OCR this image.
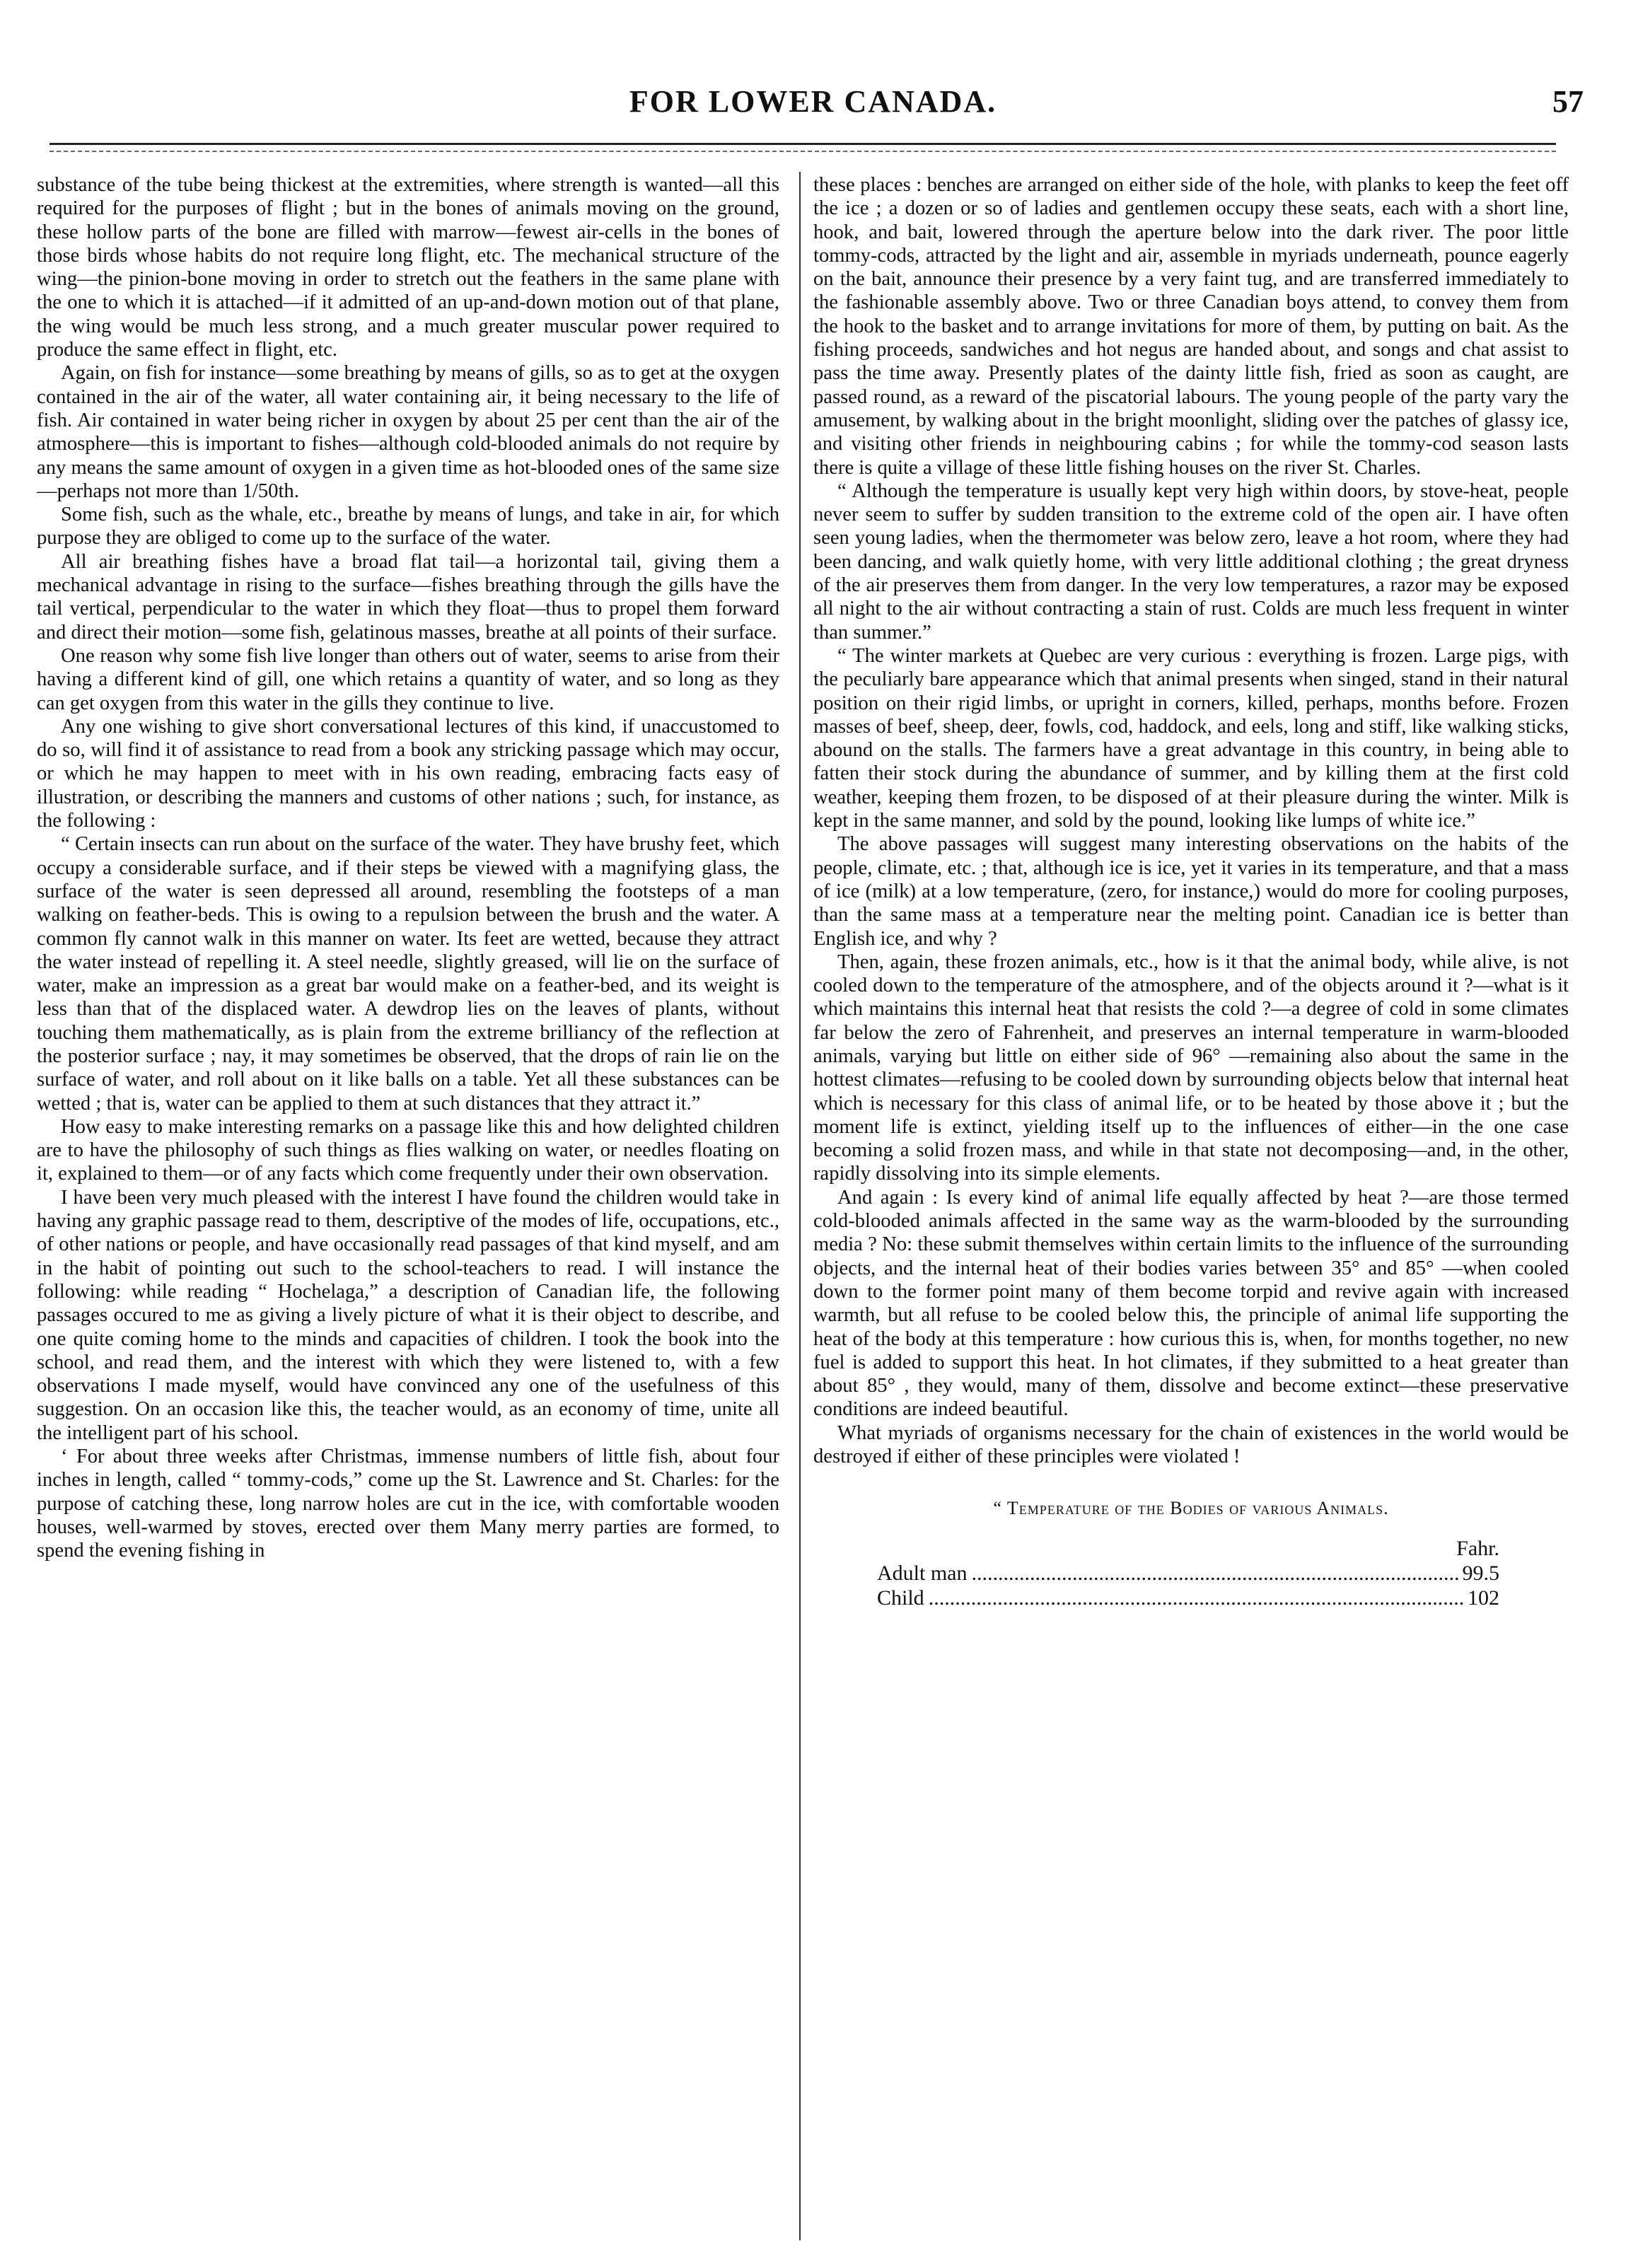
FOR LOWER CANADA.	57

substance of the tube being thickest at the extremities, where strength is wanted—all this required for the purposes of flight ; but in the bones of animals moving on the ground, these hollow parts of the bone are filled with marrow—fewest air-cells in the bones of those birds whose habits do not require long flight, etc. The mechanical structure of the wing—the pinion-bone moving in order to stretch out the feathers in the same plane with the one to which it is attached—if it admitted of an up-and-down motion out of that plane, the wing would be much less strong, and a much greater muscular power required to produce the same effect in flight, etc.

Again, on fish for instance—some breathing by means of gills, so as to get at the oxygen contained in the air of the water, all water containing air, it being necessary to the life of fish. Air contained in water being richer in oxygen by about 25 per cent than the air of the atmosphere—this is important to fishes—although cold-blooded animals do not require by any means the same amount of oxygen in a given time as hot-blooded ones of the same size—perhaps not more than 1/50th.

Some fish, such as the whale, etc., breathe by means of lungs, and take in air, for which purpose they are obliged to come up to the surface of the water.

All air breathing fishes have a broad flat tail—a horizontal tail, giving them a mechanical advantage in rising to the surface—fishes breathing through the gills have the tail vertical, perpendicular to the water in which they float—thus to propel them forward and direct their motion—some fish, gelatinous masses, breathe at all points of their surface.

One reason why some fish live longer than others out of water, seems to arise from their having a different kind of gill, one which retains a quantity of water, and so long as they can get oxygen from this water in the gills they continue to live.

Any one wishing to give short conversational lectures of this kind, if unaccustomed to do so, will find it of assistance to read from a book any stricking passage which may occur, or which he may happen to meet with in his own reading, embracing facts easy of illustration, or describing the manners and customs of other nations ; such, for instance, as the following :

“ Certain insects can run about on the surface of the water. They have brushy feet, which occupy a considerable surface, and if their steps be viewed with a magnifying glass, the surface of the water is seen depressed all around, resembling the footsteps of a man walking on feather-beds. This is owing to a repulsion between the brush and the water. A common fly cannot walk in this manner on water. Its feet are wetted, because they attract the water instead of repelling it. A steel needle, slightly greased, will lie on the surface of water, make an impression as a great bar would make on a feather-bed, and its weight is less than that of the displaced water. A dewdrop lies on the leaves of plants, without touching them mathematically, as is plain from the extreme brilliancy of the reflection at the posterior surface ; nay, it may sometimes be observed, that the drops of rain lie on the surface of water, and roll about on it like balls on a table. Yet all these substances can be wetted ; that is, water can be applied to them at such distances that they attract it.”

How easy to make interesting remarks on a passage like this and how delighted children are to have the philosophy of such things as flies walking on water, or needles floating on it, explained to them—or of any facts which come frequently under their own observation.

I have been very much pleased with the interest I have found the children would take in having any graphic passage read to them, descriptive of the modes of life, occupations, etc., of other nations or people, and have occasionally read passages of that kind myself, and am in the habit of pointing out such to the school-teachers to read. I will instance the following: while reading “ Hochelaga,” a description of Canadian life, the following passages occured to me as giving a lively picture of what it is their object to describe, and one quite coming home to the minds and capacities of children. I took the book into the school, and read them, and the interest with which they were listened to, with a few observations I made myself, would have convinced any one of the usefulness of this suggestion. On an occasion like this, the teacher would, as an economy of time, unite all the intelligent part of his school.

‘ For about three weeks after Christmas, immense numbers of little fish, about four inches in length, called “ tommy-cods,” come up the St. Lawrence and St. Charles: for the purpose of catching these, long narrow holes are cut in the ice, with comfortable wooden houses, well-warmed by stoves, erected over them Many merry parties are formed, to spend the evening fishing in

these places : benches are arranged on either side of the hole, with planks to keep the feet off the ice ; a dozen or so of ladies and gentlemen occupy these seats, each with a short line, hook, and bait, lowered through the aperture below into the dark river. The poor little tommy-cods, attracted by the light and air, assemble in myriads underneath, pounce eagerly on the bait, announce their presence by a very faint tug, and are transferred immediately to the fashionable assembly above. Two or three Canadian boys attend, to convey them from the hook to the basket and to arrange invitations for more of them, by putting on bait. As the fishing proceeds, sandwiches and hot negus are handed about, and songs and chat assist to pass the time away. Presently plates of the dainty little fish, fried as soon as caught, are passed round, as a reward of the piscatorial labours. The young people of the party vary the amusement, by walking about in the bright moonlight, sliding over the patches of glassy ice, and visiting other friends in neighbouring cabins ; for while the tommy-cod season lasts there is quite a village of these little fishing houses on the river St. Charles.

“ Although the temperature is usually kept very high within doors, by stove-heat, people never seem to suffer by sudden transition to the extreme cold of the open air. I have often seen young ladies, when the thermometer was below zero, leave a hot room, where they had been dancing, and walk quietly home, with very little additional clothing ; the great dryness of the air preserves them from danger. In the very low temperatures, a razor may be exposed all night to the air without contracting a stain of rust. Colds are much less frequent in winter than summer.”

“ The winter markets at Quebec are very curious : everything is frozen. Large pigs, with the peculiarly bare appearance which that animal presents when singed, stand in their natural position on their rigid limbs, or upright in corners, killed, perhaps, months before. Frozen masses of beef, sheep, deer, fowls, cod, haddock, and eels, long and stiff, like walking sticks, abound on the stalls. The farmers have a great advantage in this country, in being able to fatten their stock during the abundance of summer, and by killing them at the first cold weather, keeping them frozen, to be disposed of at their pleasure during the winter. Milk is kept in the same manner, and sold by the pound, looking like lumps of white ice.”

The above passages will suggest many interesting observations on the habits of the people, climate, etc. ; that, although ice is ice, yet it varies in its temperature, and that a mass of ice (milk) at a low temperature, (zero, for instance,) would do more for cooling purposes, than the same mass at a temperature near the melting point. Canadian ice is better than English ice, and why ?

Then, again, these frozen animals, etc., how is it that the animal body, while alive, is not cooled down to the temperature of the atmosphere, and of the objects around it ?—what is it which maintains this internal heat that resists the cold ?—a degree of cold in some climates far below the zero of Fahrenheit, and preserves an internal temperature in warm-blooded animals, varying but little on either side of 96° —remaining also about the same in the hottest climates—refusing to be cooled down by surrounding objects below that internal heat which is necessary for this class of animal life, or to be heated by those above it ; but the moment life is extinct, yielding itself up to the influences of either—in the one case becoming a solid frozen mass, and while in that state not decomposing—and, in the other, rapidly dissolving into its simple elements.

And again : Is every kind of animal life equally affected by heat ?—are those termed cold-blooded animals affected in the same way as the warm-blooded by the surrounding media ? No: these submit themselves within certain limits to the influence of the surrounding objects, and the internal heat of their bodies varies between 35° and 85° —when cooled down to the former point many of them become torpid and revive again with increased warmth, but all refuse to be cooled below this, the principle of animal life supporting the heat of the body at this temperature : how curious this is, when, for months together, no new fuel is added to support this heat. In hot climates, if they submitted to a heat greater than about 85° , they would, many of them, dissolve and become extinct—these preservative conditions are indeed beautiful.

What myriads of organisms necessary for the chain of existences in the world would be destroyed if either of these principles were violated !

“ Temperature of the Bodies of various Animals.
Fahr.
Adult man .....	99.5
Child .....	102
